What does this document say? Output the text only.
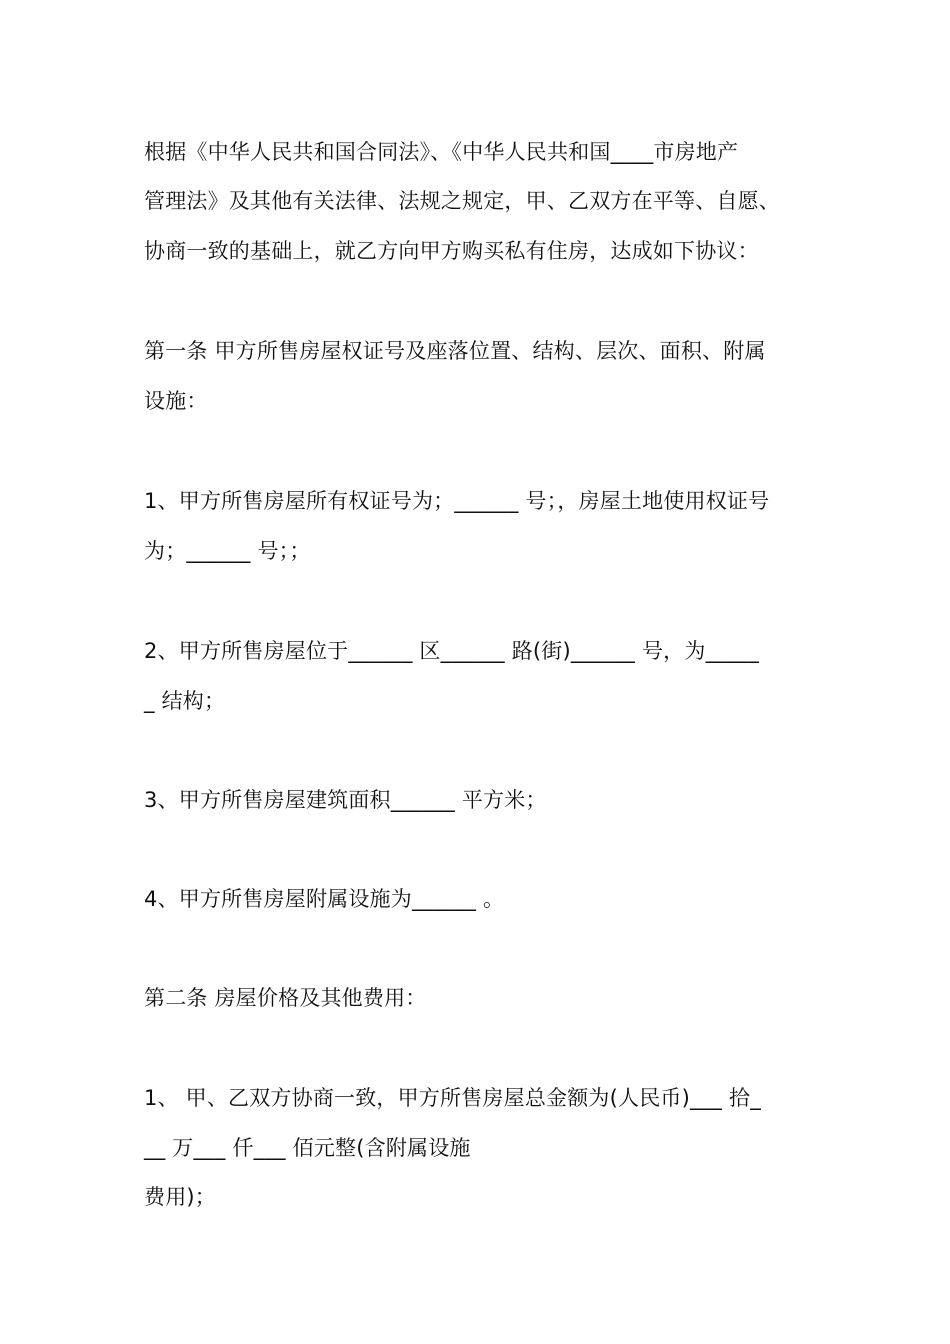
根据《中华人民共和国合同法》、《中华人民共和国____市房地产
管理法》及其他有关法律、法规之规定，甲、乙双方在平等、自愿、
协商一致的基础上，就乙方向甲方购买私有住房，达成如下协议：
第一条 甲方所售房屋权证号及座落位置、结构、层次、面积、附属
设施：
1、甲方所售房屋所有权证号为；______ 号；，房屋土地使用权证号
为；______ 号；；
2、甲方所售房屋位于______ 区______ 路(街)______ 号，为_____
_ 结构；
3、甲方所售房屋建筑面积______ 平方米；
4、甲方所售房屋附属设施为______ 。
第二条 房屋价格及其他费用：
1、 甲、乙双方协商一致，甲方所售房屋总金额为(人民币)___ 拾_
__ 万___ 仟___ 佰元整(含附属设施
费用)；
